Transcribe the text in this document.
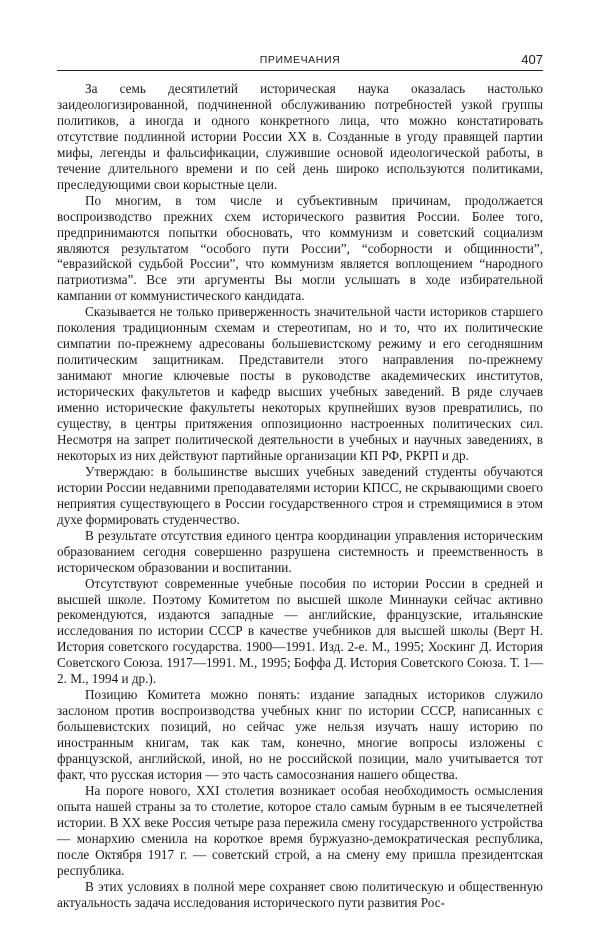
ПРИМЕЧАНИЯ	407

За семь десятилетий историческая наука оказалась настолько заидеологизированной, подчиненной обслуживанию потребностей узкой группы политиков, а иногда и одного конкретного лица, что можно констатировать отсутствие подлинной истории России XX в. Созданные в угоду правящей партии мифы, легенды и фальсификации, служившие основой идеологической работы, в течение длительного времени и по сей день широко используются политиками, преследующими свои корыстные цели.

По многим, в том числе и субъективным причинам, продолжается воспроизводство прежних схем исторического развития России. Более того, предпринимаются попытки обосновать, что коммунизм и советский социализм являются результатом “особого пути России”, “соборности и общинности”, “евразийской судьбой России”, что коммунизм является воплощением “народного патриотизма”. Все эти аргументы Вы могли услышать в ходе избирательной кампании от коммунистического кандидата.

Сказывается не только приверженность значительной части историков старшего поколения традиционным схемам и стереотипам, но и то, что их политические симпатии по-прежнему адресованы большевистскому режиму и его сегодняшним политическим защитникам. Представители этого направления по-прежнему занимают многие ключевые посты в руководстве академических институтов, исторических факультетов и кафедр высших учебных заведений. В ряде случаев именно исторические факультеты некоторых крупнейших вузов превратились, по существу, в центры притяжения оппозиционно настроенных политических сил. Несмотря на запрет политической деятельности в учебных и научных заведениях, в некоторых из них действуют партийные организации КП РФ, РКРП и др.

Утверждаю: в большинстве высших учебных заведений студенты обучаются истории России недавними преподавателями истории КПСС, не скрывающими своего неприятия существующего в России государственного строя и стремящимися в этом духе формировать студенчество.

В результате отсутствия единого центра координации управления историческим образованием сегодня совершенно разрушена системность и преемственность в историческом образовании и воспитании.

Отсутствуют современные учебные пособия по истории России в средней и высшей школе. Поэтому Комитетом по высшей школе Миннауки сейчас активно рекомендуются, издаются западные — английские, французские, итальянские исследования по истории СССР в качестве учебников для высшей школы (Верт Н. История советского государства. 1900—1991. Изд. 2-е. М., 1995; Хоскинг Д. История Советского Союза. 1917—1991. М., 1995; Боффа Д. История Советского Союза. Т. 1—2. М., 1994 и др.).

Позицию Комитета можно понять: издание западных историков служило заслоном против воспроизводства учебных книг по истории СССР, написанных с большевистских позиций, но сейчас уже нельзя изучать нашу историю по иностранным книгам, так как там, конечно, многие вопросы изложены с французской, английской, иной, но не российской позиции, мало учитывается тот факт, что русская история — это часть самосознания нашего общества.

На пороге нового, XXI столетия возникает особая необходимость осмысления опыта нашей страны за то столетие, которое стало самым бурным в ее тысячелетней истории. В XX веке Россия четыре раза пережила смену государственного устройства — монархию сменила на короткое время буржуазно-демократическая республика, после Октября 1917 г. — советский строй, а на смену ему пришла президентская республика.

В этих условиях в полной мере сохраняет свою политическую и общественную актуальность задача исследования исторического пути развития Рос-
